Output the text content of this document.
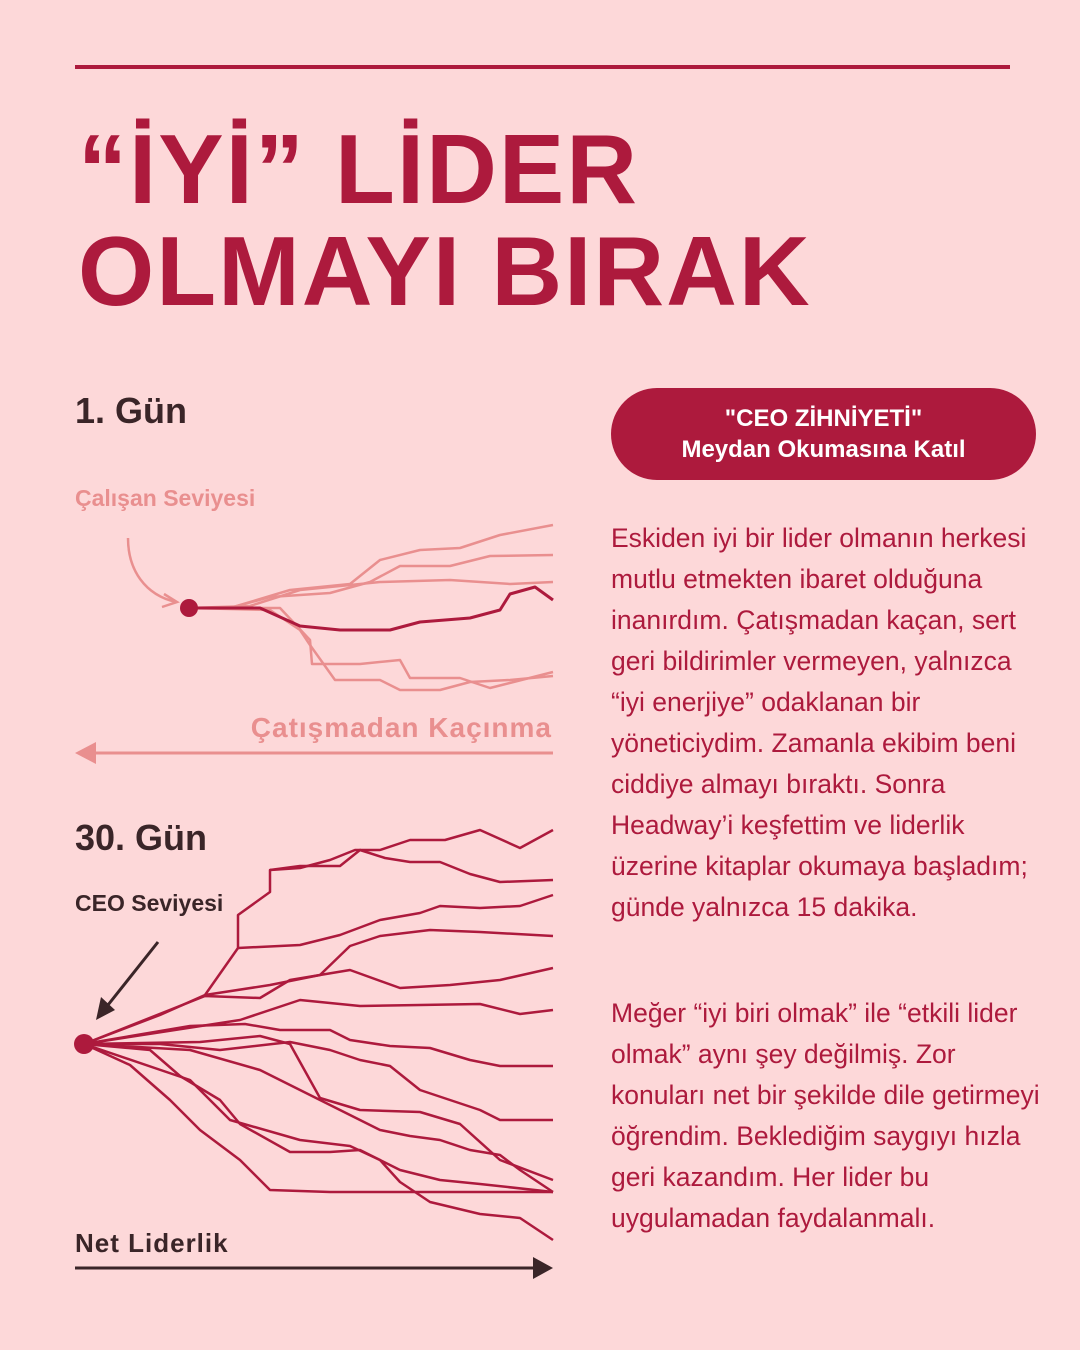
“İYİ” LİDER
OLMAYI BIRAK
1. Gün
Çalışan Seviyesi
Çatışmadan Kaçınma
30. Gün
CEO Seviyesi
Net Liderlik
"CEO ZİHNİYETİ"
Meydan Okumasına Katıl

Eskiden iyi bir lider olmanın herkesi mutlu etmekten ibaret olduğuna inanırdım. Çatışmadan kaçan, sert geri bildirimler vermeyen, yalnızca “iyi enerjiye” odaklanan bir yöneticiydim. Zamanla ekibim beni ciddiye almayı bıraktı. Sonra Headway’i keşfettim ve liderlik üzerine kitaplar okumaya başladım; günde yalnızca 15 dakika.

Meğer “iyi biri olmak” ile “etkili lider olmak” aynı şey değilmiş. Zor konuları net bir şekilde dile getirmeyi öğrendim. Beklediğim saygıyı hızla geri kazandım. Her lider bu uygulamadan faydalanmalı.
